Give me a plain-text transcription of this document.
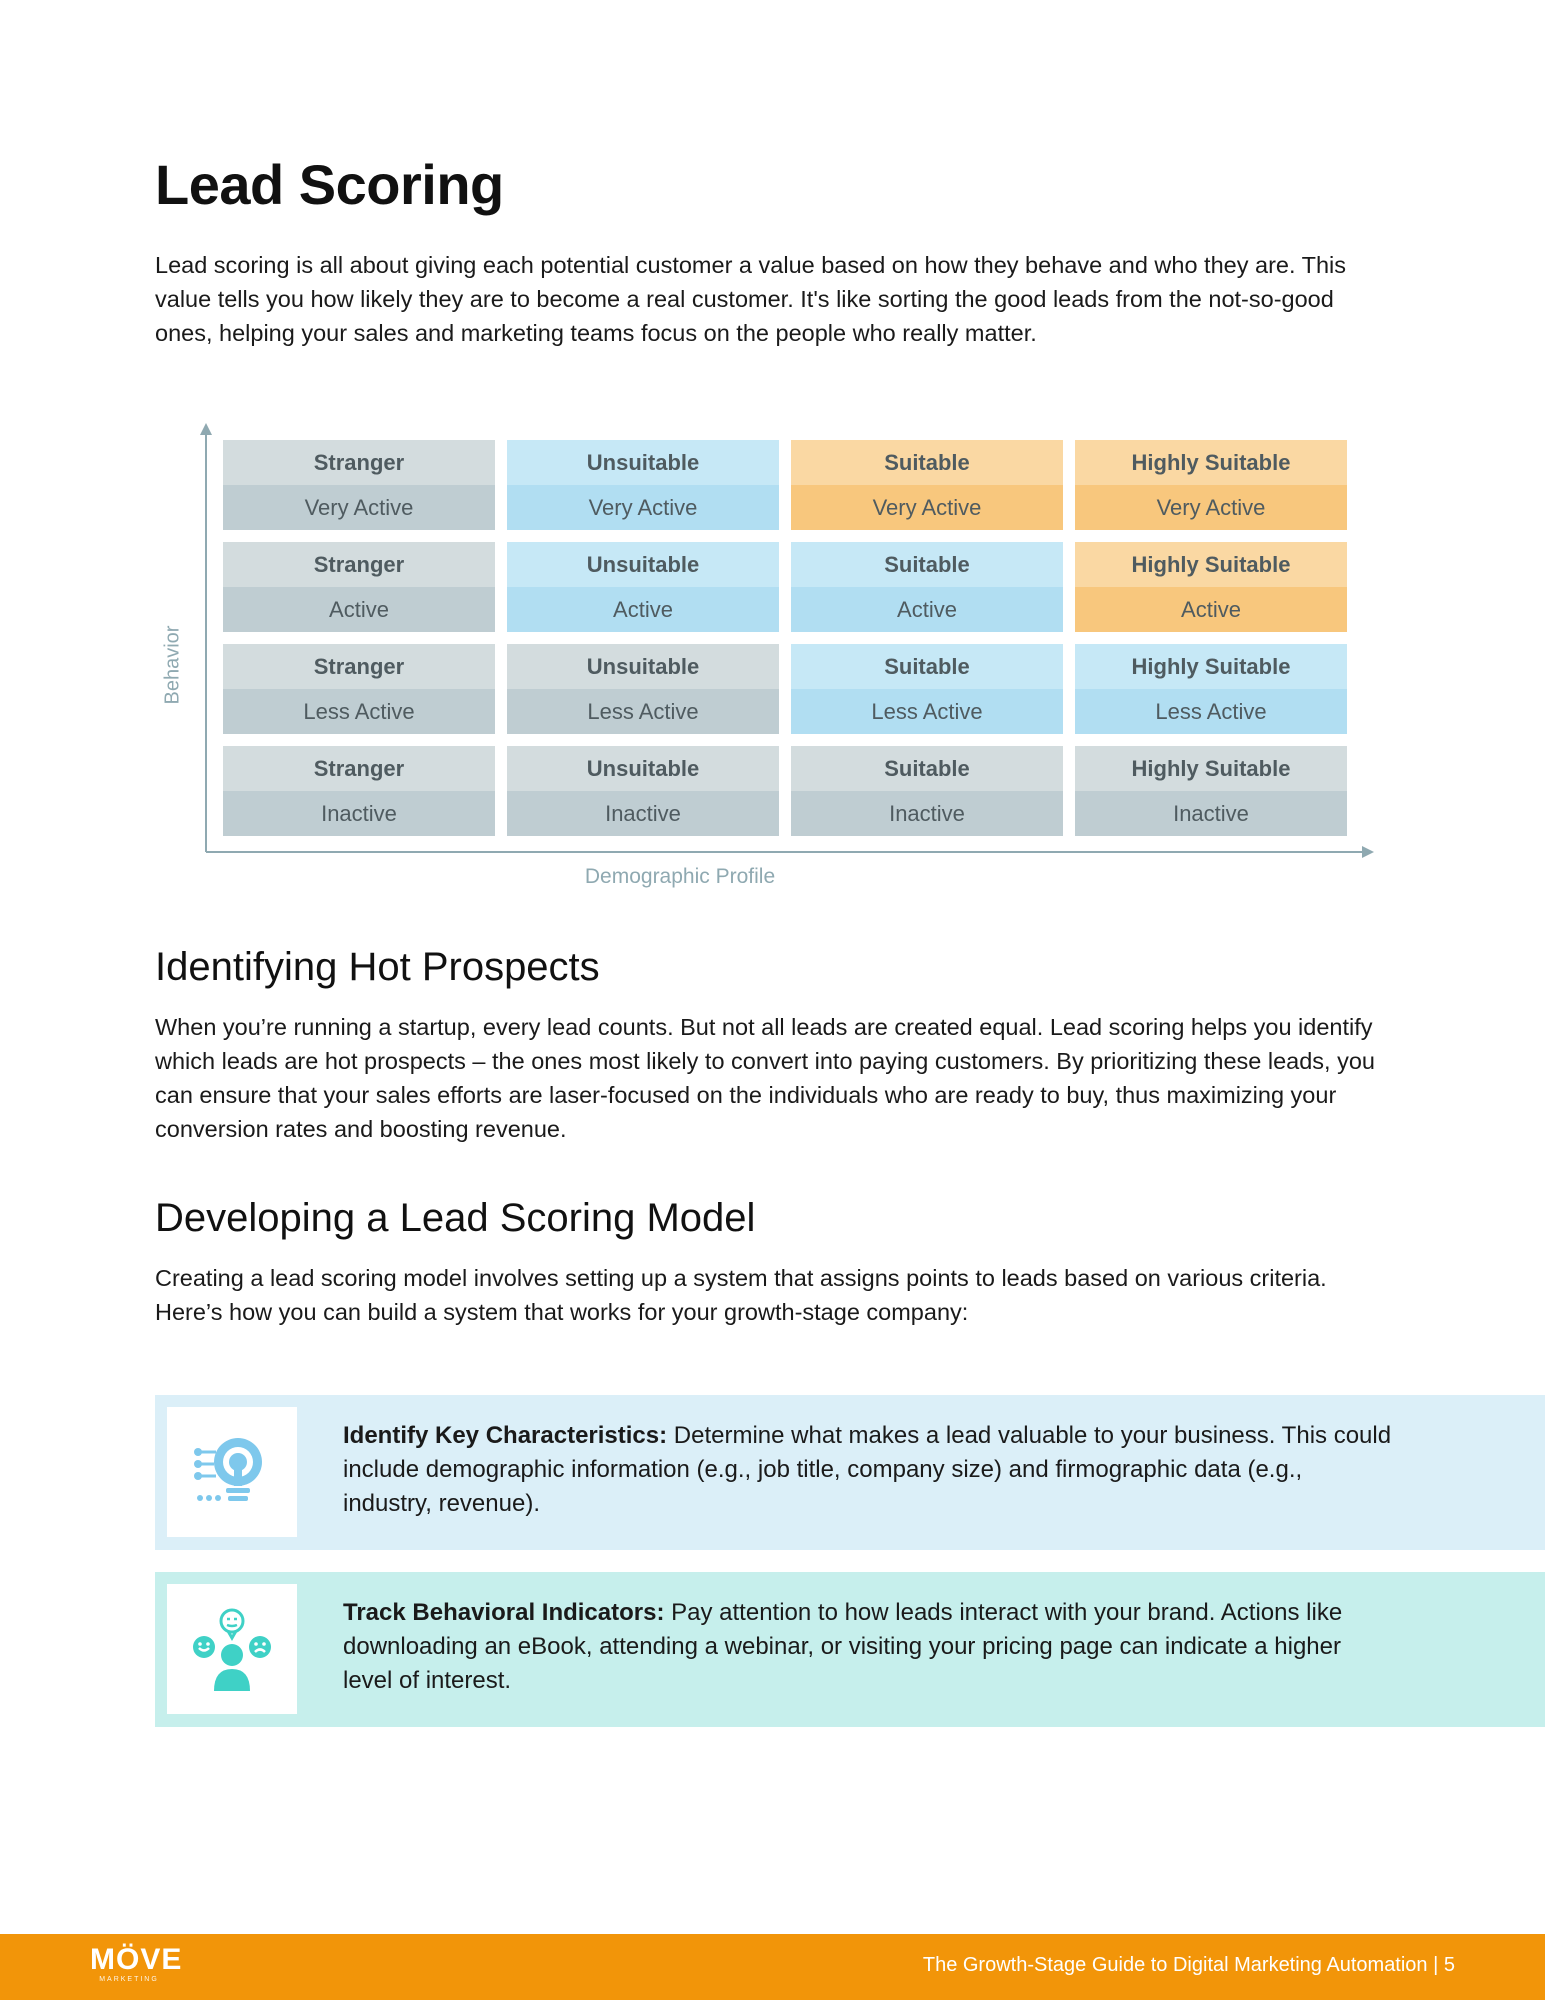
Lead Scoring

Lead scoring is all about giving each potential customer a value based on how they behave and who they are. This value tells you how likely they are to become a real customer. It's like sorting the good leads from the not-so-good ones, helping your sales and marketing teams focus on the people who really matter.

Behavior
Demographic Profile
Stranger
Very Active
Unsuitable
Very Active
Suitable
Very Active
Highly Suitable
Very Active
Stranger
Active
Unsuitable
Active
Suitable
Active
Highly Suitable
Active
Stranger
Less Active
Unsuitable
Less Active
Suitable
Less Active
Highly Suitable
Less Active
Stranger
Inactive
Unsuitable
Inactive
Suitable
Inactive
Highly Suitable
Inactive
Identifying Hot Prospects

When you’re running a startup, every lead counts. But not all leads are created equal. Lead scoring helps you identify which leads are hot prospects – the ones most likely to convert into paying customers. By prioritizing these leads, you can ensure that your sales efforts are laser-focused on the individuals who are ready to buy, thus maximizing your conversion rates and boosting revenue.

Developing a Lead Scoring Model

Creating a lead scoring model involves setting up a system that assigns points to leads based on various criteria. Here’s how you can build a system that works for your growth-stage company:

Identify Key Characteristics: Determine what makes a lead valuable to your business. This could include demographic information (e.g., job title, company size) and firmographic data (e.g., industry, revenue).
Track Behavioral Indicators: Pay attention to how leads interact with your brand. Actions like downloading an eBook, attending a webinar, or visiting your pricing page can indicate a higher level of interest.
MÖVE
MARKETING
The Growth-Stage Guide to Digital Marketing Automation | 5
